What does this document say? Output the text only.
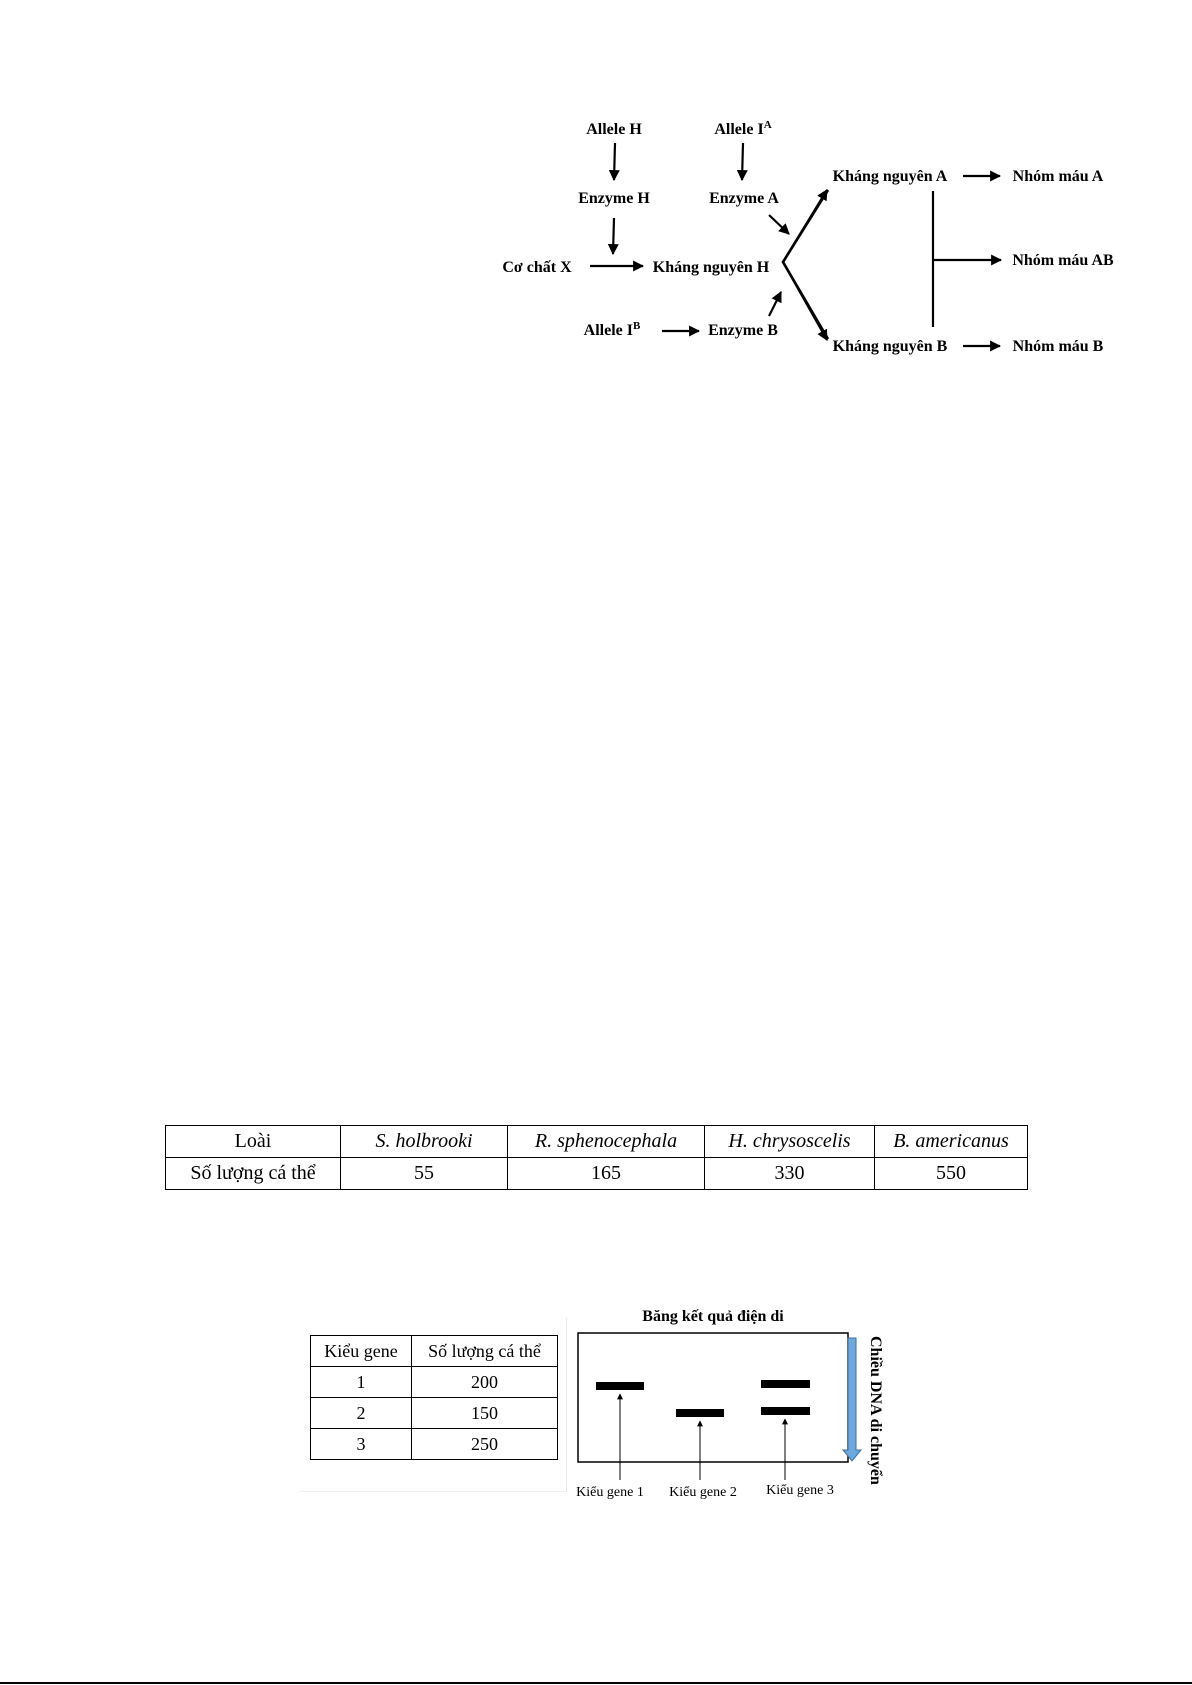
Allele H	Allele $I^A$
Enzyme H	Enzyme A
Cơ chất X	Kháng nguyên H
Allele $I^B$	Enzyme B
Kháng nguyên A
Kháng nguyên B
Nhóm máu A
Nhóm máu AB
Nhóm máu B
Loài	S. holbrooki	R. sphenocephala	H. chrysoscelis	B. americanus
Số lượng cá thể	55	165	330	550
Kiểu gene	Số lượng cá thể
1	200
2	150
3	250
Băng kết quả điện di
Kiểu gene 1 Kiểu gene 2 Kiểu gene 3
Chiều DNA di chuyển
